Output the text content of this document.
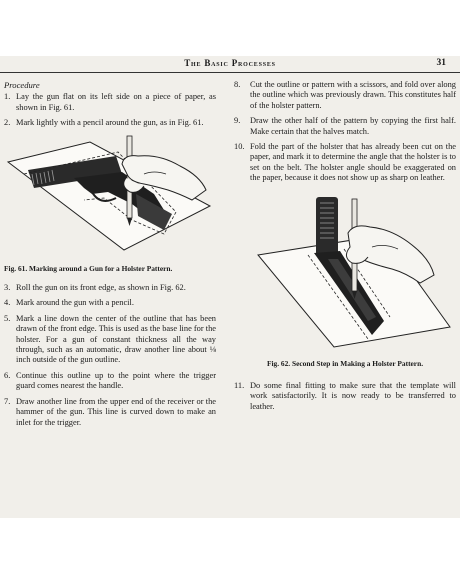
The Basic Processes	31
Procedure
1. Lay the gun flat on its left side on a piece of paper, as shown in Fig. 61.
2. Mark lightly with a pencil around the gun, as in Fig. 61.
Fig. 61. Marking around a Gun for a Holster Pattern.
3. Roll the gun on its front edge, as shown in Fig. 62.
4. Mark around the gun with a pencil.
5. Mark a line down the center of the outline that has been drawn of the front edge. This is used as the base line for the holster. For a gun of constant thickness all the way through, such as an automatic, draw another line about ⅛ inch outside of the gun outline.
6. Continue this outline up to the point where the trigger guard comes nearest the handle.
7. Draw another line from the upper end of the receiver or the hammer of the gun. This line is curved down to make an inlet for the trigger.
8. Cut the outline or pattern with a scissors, and fold over along the outline which was previously drawn. This constitutes half of the holster pattern.
9. Draw the other half of the pattern by copying the first half. Make certain that the halves match.
10. Fold the part of the holster that has already been cut on the paper, and mark it to determine the angle that the holster is to set on the belt. The holster angle should be exaggerated on the paper, because it does not show up as sharp on leather.
Fig. 62. Second Step in Making a Holster Pattern.
11. Do some final fitting to make sure that the template will work satisfactorily. It is now ready to be transferred to leather.
